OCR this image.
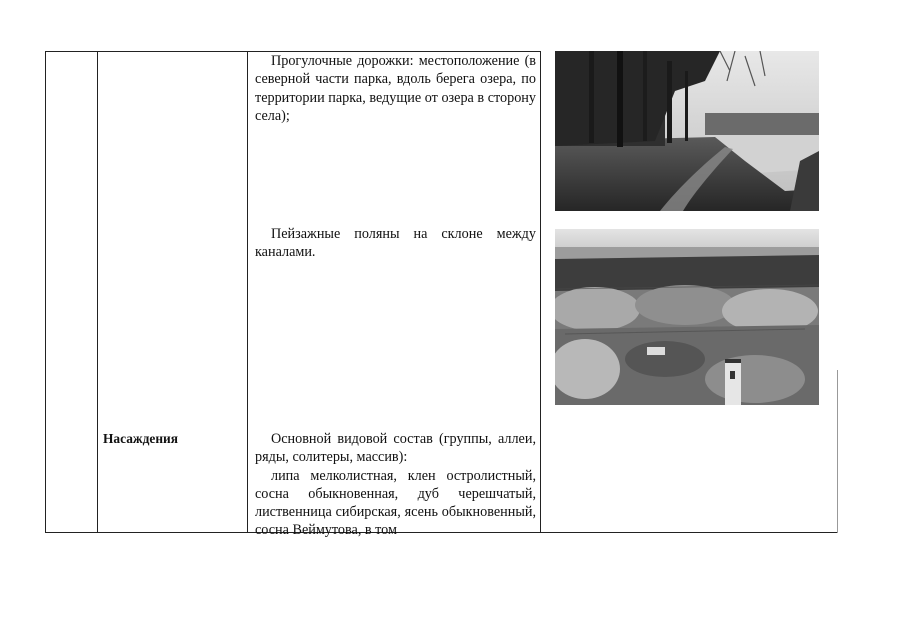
Прогулочные дорожки: местоположение (в северной части парка, вдоль берега озера, по территории парка, ведущие от озера в сторону села);

Пейзажные поляны на склоне между каналами.

Насаждения	Основной видовой состав (группы, аллеи, ряды, солитеры, массив):

липа мелколистная, клен остролистный, сосна обыкновенная, дуб черешчатый, лиственница сибирская, ясень обыкновенный, сосна Веймутова, в том
